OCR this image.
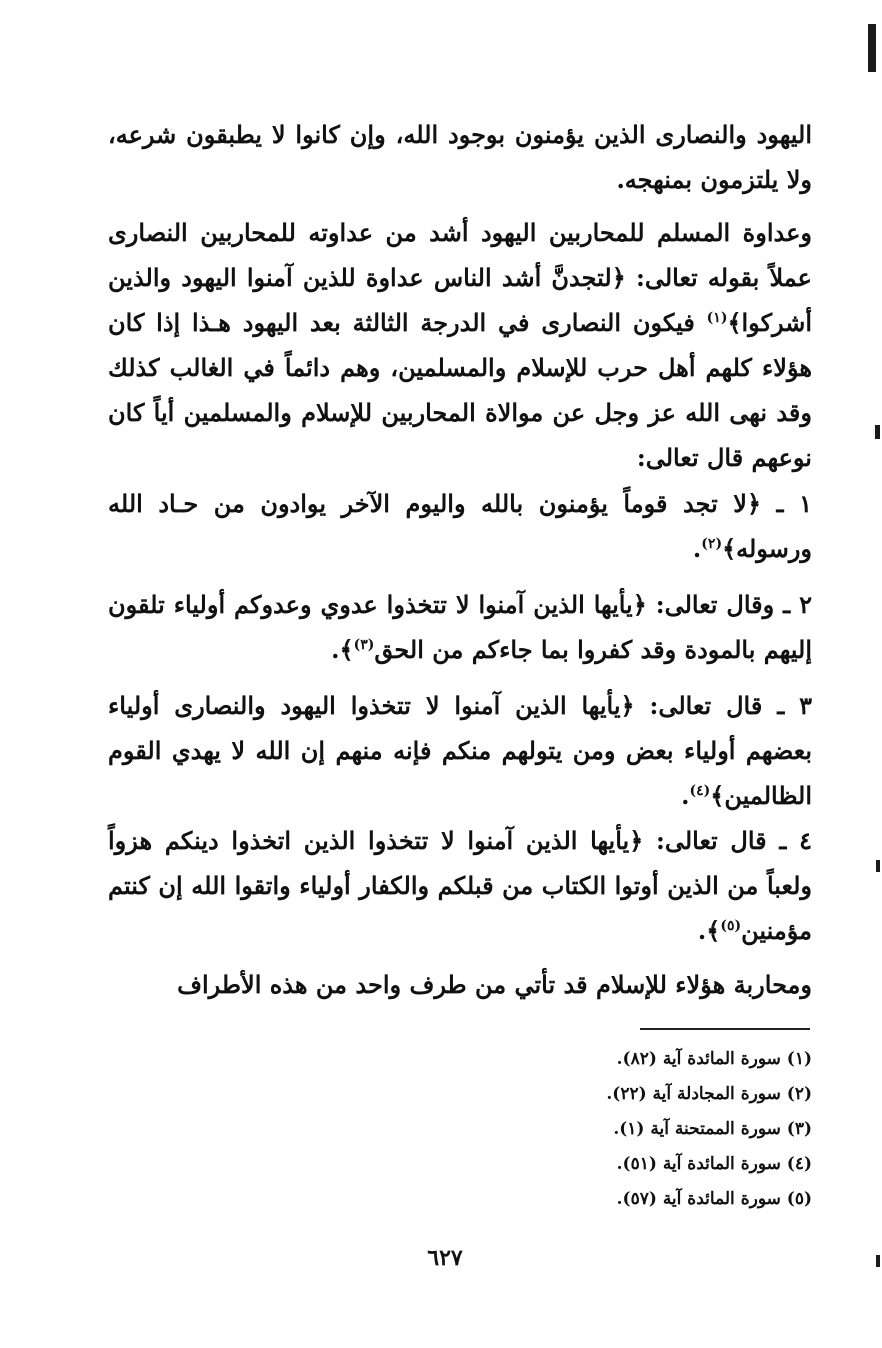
اليهود والنصارى الذين يؤمنون بوجود الله، وإن كانوا لا يطبقون شرعه، ولا يلتزمون بمنهجه.

وعداوة المسلم للمحاربين اليهود أشد من عداوته للمحاربين النصارى عملاً بقوله تعالى: ﴿لتجدنَّ أشد الناس عداوة للذين آمنوا اليهود والذين أشركوا﴾$^{(١)}$ فيكون النصارى في الدرجة الثالثة بعد اليهود هـذا إذا كان هؤلاء كلهم أهل حرب للإسلام والمسلمين، وهم دائماً في الغالب كذلك وقد نهى الله عز وجل عن موالاة المحاربين للإسلام والمسلمين أياً كان نوعهم قال تعالى:

١ ـ ﴿لا تجد قوماً يؤمنون بالله واليوم الآخر يوادون من حـاد الله ورسوله﴾$^{(٢)}$.
٢ ـ وقال تعالى: ﴿يأيها الذين آمنوا لا تتخذوا عدوي وعدوكم أولياء تلقون إليهم بالمودة وقد كفروا بما جاءكم من الحق$^{(٣)}$﴾.
٣ ـ قال تعالى: ﴿يأيها الذين آمنوا لا تتخذوا اليهود والنصارى أولياء بعضهم أولياء بعض ومن يتولهم منكم فإنه منهم إن الله لا يهدي القوم الظالمين﴾$^{(٤)}$.
٤ ـ قال تعالى: ﴿يأيها الذين آمنوا لا تتخذوا الذين اتخذوا دينكم هزواً ولعباً من الذين أوتوا الكتاب من قبلكم والكفار أولياء واتقوا الله إن كنتم مؤمنين$^{(٥)}$﴾.

ومحاربة هؤلاء للإسلام قد تأتي من طرف واحد من هذه الأطراف

(١) سورة المائدة آية (٨٢).
(٢) سورة المجادلة آية (٢٢).
(٣) سورة الممتحنة آية (١).
(٤) سورة المائدة آية (٥١).
(٥) سورة المائدة آية (٥٧).
٦٢٧
